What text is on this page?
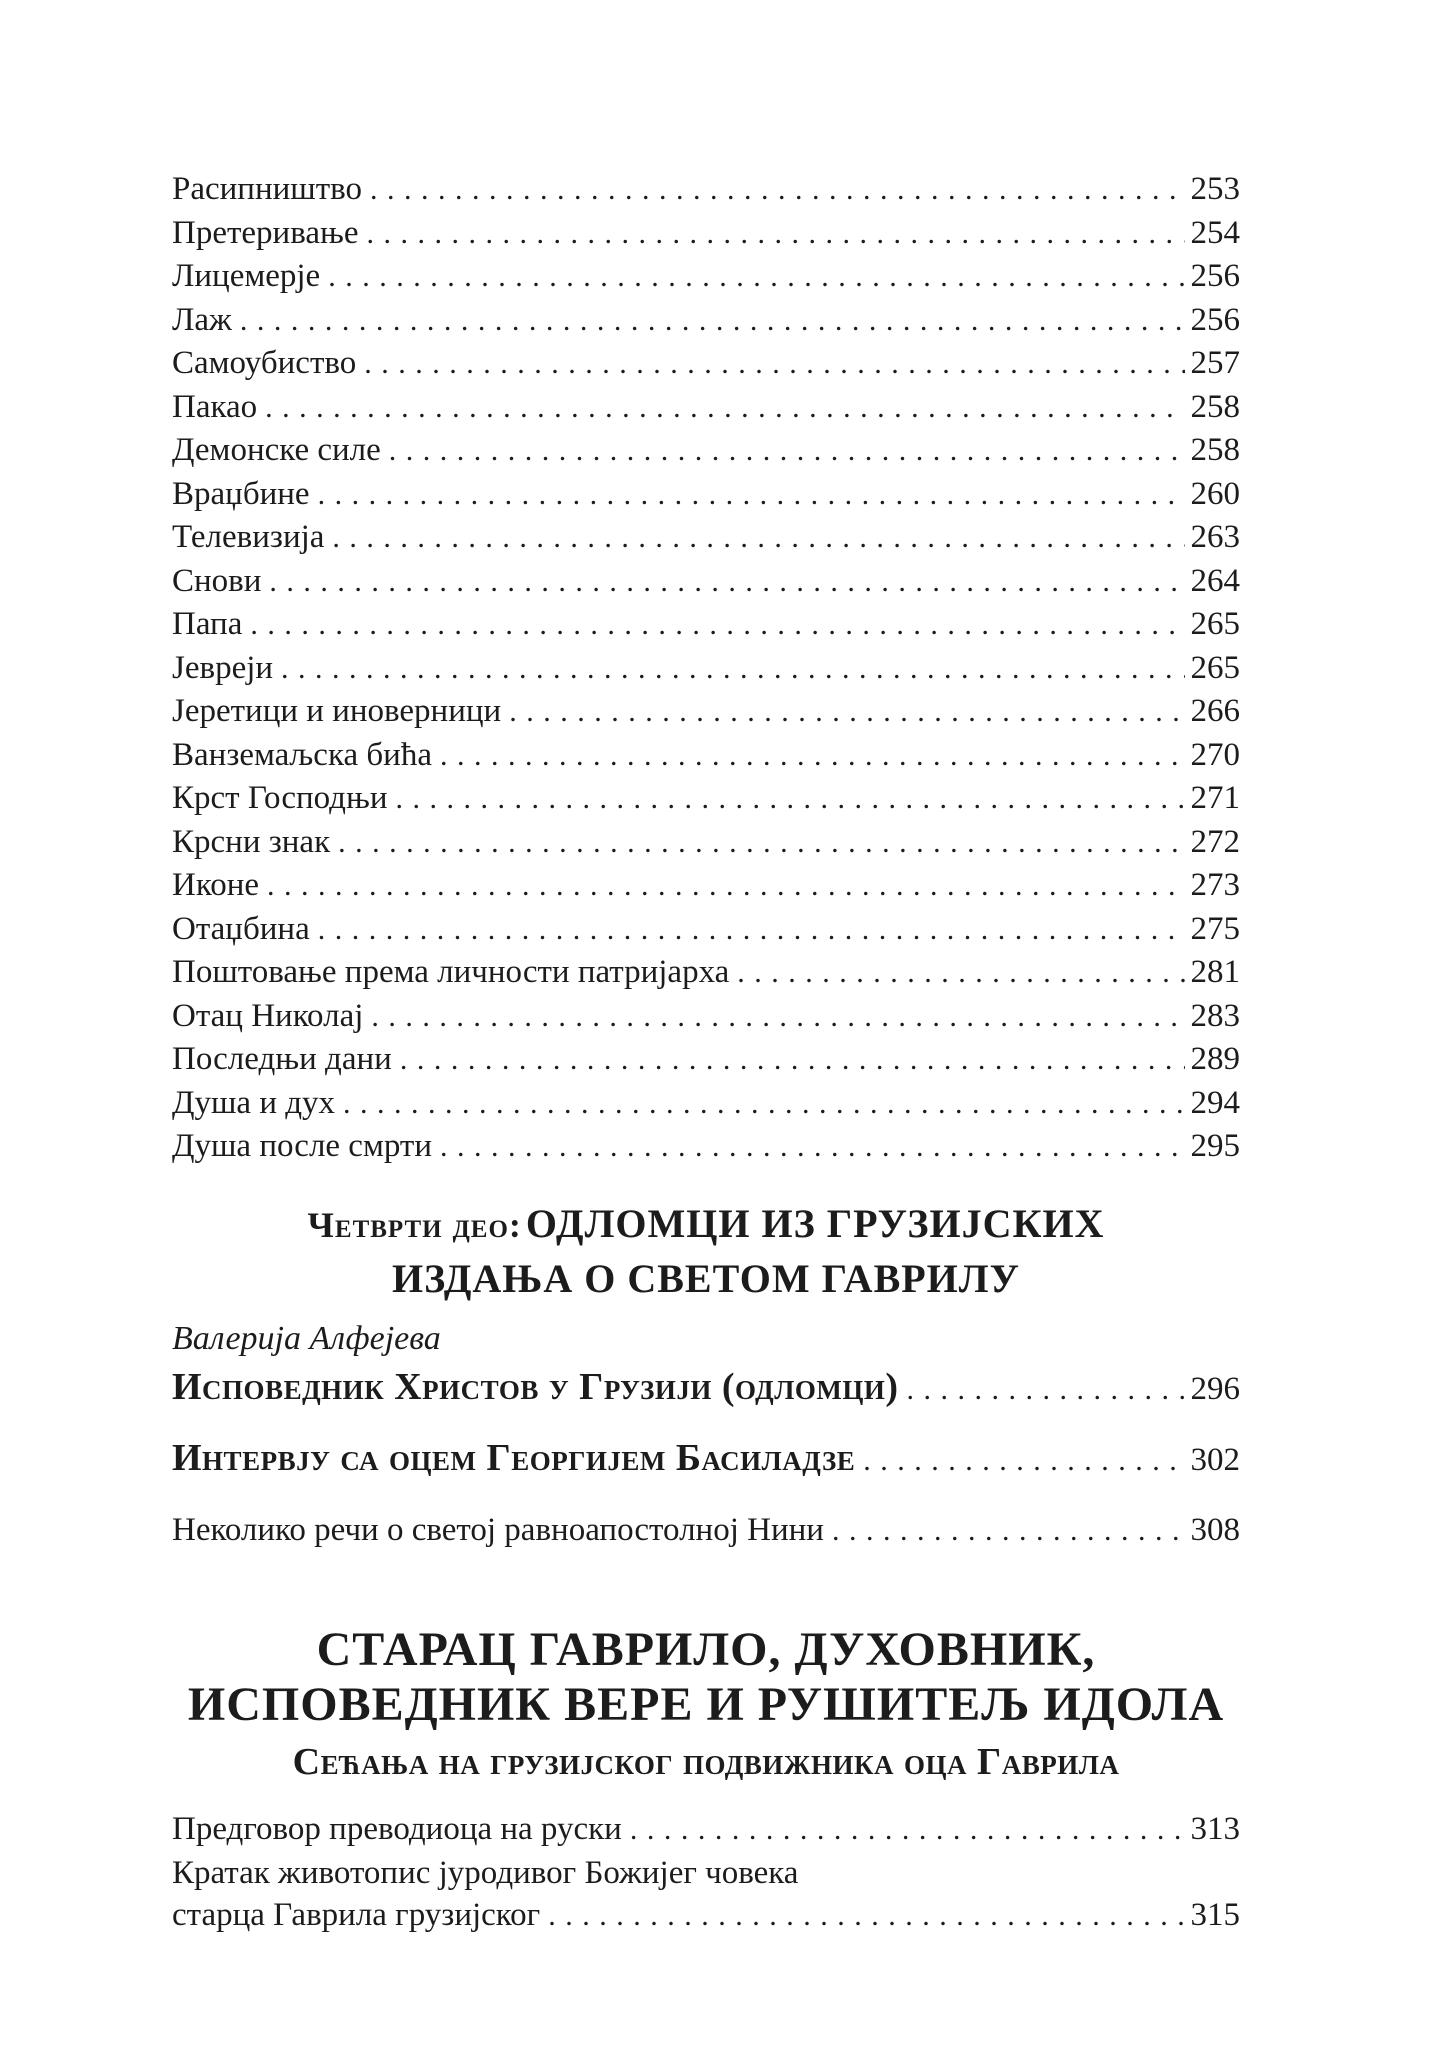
Расипништво . . .	253
Претеривање . . .	254
Лицемерје . . .	256
Лаж . . .	256
Самоубиство . . .	257
Пакао . . .	258
Демонске силе . . .	258
Враџбине . . .	260
Телевизија . . .	263
Снови . . .	264
Папа . . .	265
Јевреји . . .	265
Јеретици и иноверници . . .	266
Ванземаљска бића . . .	270
Крст Господњи . . .	271
Крсни знак . . .	272
Иконе . . .	273
Отаџбина . . .	275
Поштовање према личности патријарха . . .	281
Отац Николај . . .	283
Последњи дани . . .	289
Душа и дух . . .	294
Душа после смрти . . .	295
Четврти део: ОДЛОМЦИ ИЗ ГРУЗИЈСКИХ
ИЗДАЊА О СВЕТОМ ГАВРИЛУ
Валерија Алфејева
Исповедник Христов у Грузији (одломци) . . .	296
Интервју са оцем Георгијем Басиладзе . . .	302
Неколико речи о светој равноапостолној Нини . . .	308
СТАРАЦ ГАВРИЛО, ДУХОВНИК,
ИСПОВЕДНИК ВЕРЕ И РУШИТЕЉ ИДОЛА
Сећања на грузијског подвижника оца Гаврила
Предговор преводиоца на руски . . .	313
Кратак животопис јуродивог Божијег човека
старца Гаврила грузијског . . .	315
